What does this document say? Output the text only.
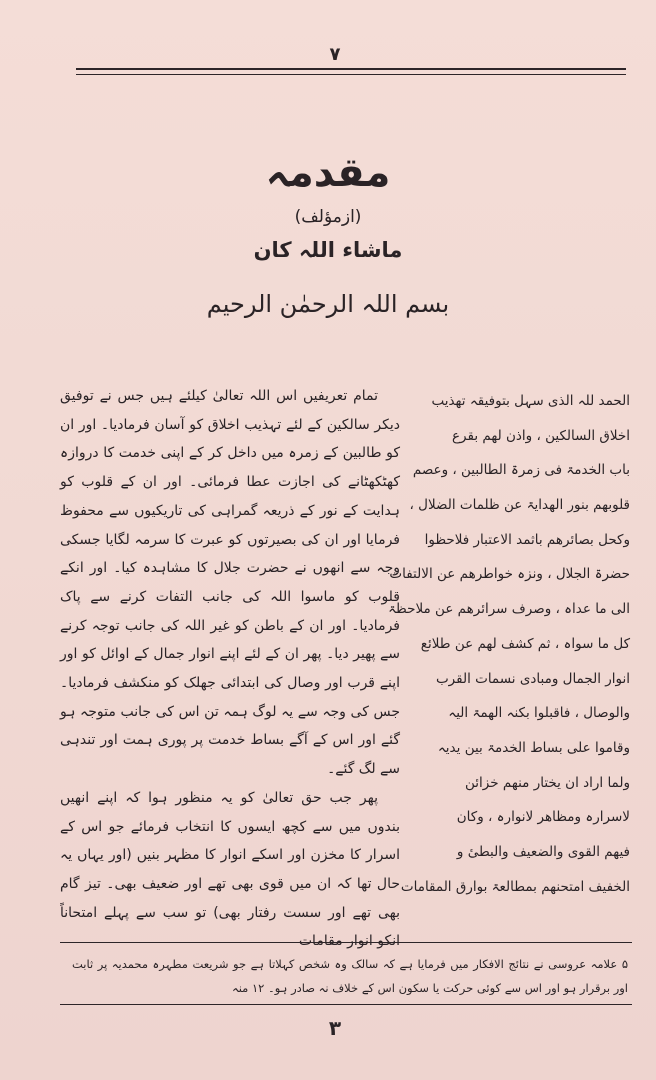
۷
مقدمہ
(ازمؤلف)
ماشاء اللہ کان
بسم اللہ الرحمٰن الرحیم

تمام تعریفیں اس اللہ تعالیٰ کیلئے ہیں جس نے توفیق دیکر سالکین کے لئے تہذیب اخلاق کو آسان فرمادیا۔ اور ان کو طالبین کے زمرہ میں داخل کر کے اپنی خدمت کا دروازہ کھٹکھٹانے کی اجازت عطا فرمائی۔ اور ان کے قلوب کو ہدایت کے نور کے ذریعہ گمراہی کی تاریکیوں سے محفوظ فرمایا اور ان کی بصیرتوں کو عبرت کا سرمہ لگایا جسکی وجہ سے انھوں نے حضرت جلال کا مشاہدہ کیا۔ اور انکے قلوب کو ماسوا اللہ کی جانب التفات کرنے سے پاک فرمادیا۔ اور ان کے باطن کو غیر اللہ کی جانب توجہ کرنے سے پھیر دیا۔ پھر ان کے لئے اپنے انوار جمال کے اوائل کو اور اپنے قرب اور وصال کی ابتدائی جھلک کو منکشف فرمادیا۔ جس کی وجہ سے یہ لوگ ہمہ تن اس کی جانب متوجہ ہو گئے اور اس کے آگے بساط خدمت پر پوری ہمت اور تندہی سے لگ گئے۔

پھر جب حق تعالیٰ کو یہ منظور ہوا کہ اپنے انھیں بندوں میں سے کچھ ایسوں کا انتخاب فرمائے جو اس کے اسرار کا مخزن اور اسکے انوار کا مظہر بنیں (اور یہاں یہ حال تھا کہ ان میں قوی بھی تھے اور ضعیف بھی۔ تیز گام بھی تھے اور سست رفتار بھی) تو سب سے پہلے امتحاناً انکو انوار مقامات

الحمد للہ الذی سہل بتوفیقہ تھذیب
اخلاق السالکین ، واذن لھم بقرع
باب الخدمۃ فی زمرۃ الطالبین ، وعصم
قلوبھم بنور الھدایۃ عن ظلمات الضلال ،
وکحل بصائرھم باثمد الاعتبار فلاحظوا
حضرۃ الجلال ، ونزہ خواطرھم عن الالتفات
الی ما عداہ ، وصرف سرائرھم عن ملاحظۃ
کل ما سواہ ، ثم کشف لھم عن طلائع
انوار الجمال ومبادی نسمات القرب
والوصال ، فاقبلوا بکنہ الھمۃ الیہ
وقاموا علی بساط الخدمۃ بین یدیہ
ولما اراد ان یختار منھم خزائن
لاسرارہ ومظاھر لانوارہ ، وکان
فیھم القوی والضعیف والبطیٔ و
الخفیف امتحنھم بمطالعۃ بوارق المقامات
۵ علامہ عروسی نے نتائج الافکار میں فرمایا ہے کہ سالک وہ شخص کہلاتا ہے جو شریعت مطہرہ محمدیہ پر ثابت اور برقرار ہو اور اس سے کوئی حرکت یا سکون اس کے خلاف نہ صادر ہو۔ ۱۲ منہ
۳
